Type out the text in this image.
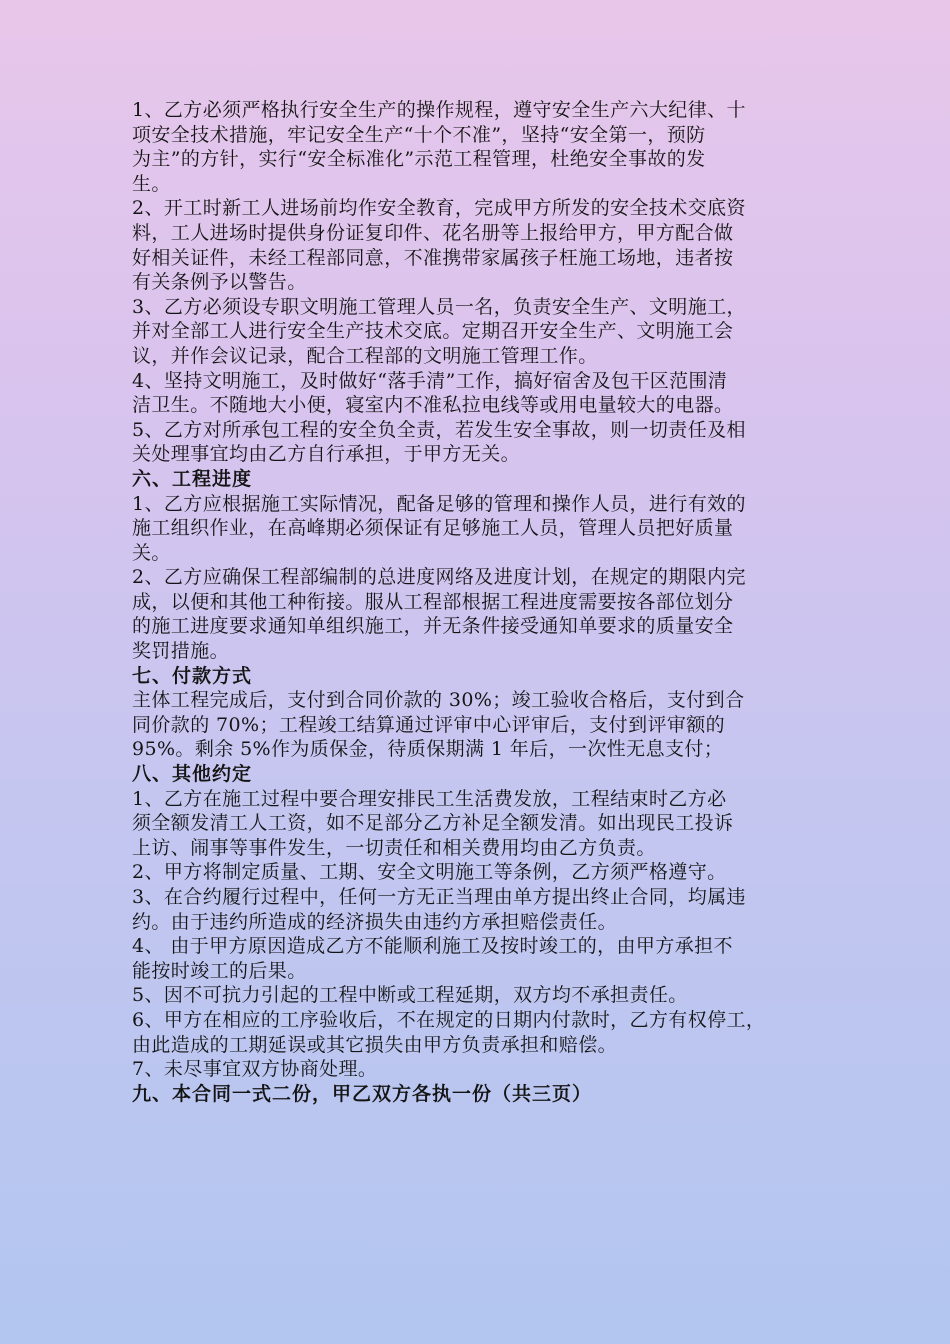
1、乙方必须严格执行安全生产的操作规程，遵守安全生产六大纪律、十
项安全技术措施，牢记安全生产“十个不准”，坚持“安全第一，预防
为主”的方针，实行“安全标准化”示范工程管理，杜绝安全事故的发
生。
2、开工时新工人进场前均作安全教育，完成甲方所发的安全技术交底资
料，工人进场时提供身份证复印件、花名册等上报给甲方，甲方配合做
好相关证件，未经工程部同意，不准携带家属孩子枉施工场地，违者按
有关条例予以警告。
3、乙方必须设专职文明施工管理人员一名，负责安全生产、文明施工，
并对全部工人进行安全生产技术交底。定期召开安全生产、文明施工会
议，并作会议记录，配合工程部的文明施工管理工作。
4、坚持文明施工，及时做好“落手清”工作，搞好宿舍及包干区范围清
洁卫生。不随地大小便，寝室内不准私拉电线等或用电量较大的电器。
5、乙方对所承包工程的安全负全责，若发生安全事故，则一切责任及相
关处理事宜均由乙方自行承担，于甲方无关。
六、工程进度
1、乙方应根据施工实际情况，配备足够的管理和操作人员，进行有效的
施工组织作业，在高峰期必须保证有足够施工人员，管理人员把好质量
关。
2、乙方应确保工程部编制的总进度网络及进度计划，在规定的期限内完
成，以便和其他工种衔接。服从工程部根据工程进度需要按各部位划分
的施工进度要求通知单组织施工，并无条件接受通知单要求的质量安全
奖罚措施。
七、付款方式
主体工程完成后，支付到合同价款的 30%；竣工验收合格后，支付到合
同价款的 70%；工程竣工结算通过评审中心评审后，支付到评审额的
95%。剩余 5%作为质保金，待质保期满 1 年后，一次性无息支付；
八、其他约定
1、乙方在施工过程中要合理安排民工生活费发放，工程结束时乙方必
须全额发清工人工资，如不足部分乙方补足全额发清。如出现民工投诉
上访、闹事等事件发生，一切责任和相关费用均由乙方负责。
2、甲方将制定质量、工期、安全文明施工等条例，乙方须严格遵守。
3、在合约履行过程中，任何一方无正当理由单方提出终止合同，均属违
约。由于违约所造成的经济损失由违约方承担赔偿责任。
4、 由于甲方原因造成乙方不能顺利施工及按时竣工的，由甲方承担不
能按时竣工的后果。
5、因不可抗力引起的工程中断或工程延期，双方均不承担责任。
6、甲方在相应的工序验收后，不在规定的日期内付款时，乙方有权停工，
由此造成的工期延误或其它损失由甲方负责承担和赔偿。
7、未尽事宜双方协商处理。
九、本合同一式二份，甲乙双方各执一份（共三页）
